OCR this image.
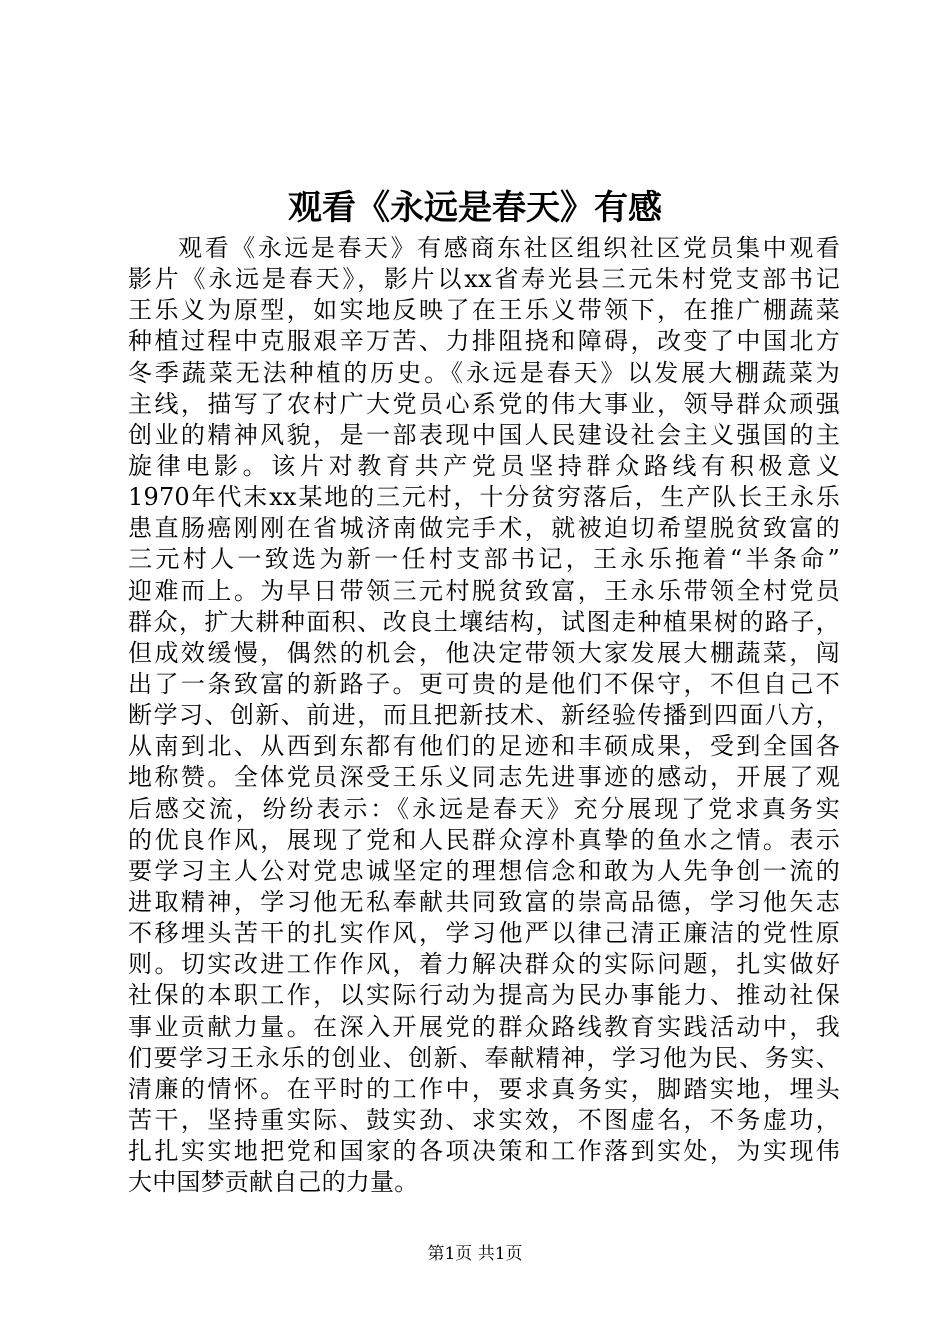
观看《永远是春天》有感
观看《永远是春天》有感商东社区组织社区党员集中观看
影片《永远是春天》，影片以xx省寿光县三元朱村党支部书记
王乐义为原型，如实地反映了在王乐义带领下，在推广棚蔬菜
种植过程中克服艰辛万苦、力排阻挠和障碍，改变了中国北方
冬季蔬菜无法种植的历史。《永远是春天》以发展大棚蔬菜为
主线，描写了农村广大党员心系党的伟大事业，领导群众顽强
创业的精神风貌，是一部表现中国人民建设社会主义强国的主
旋律电影。该片对教育共产党员坚持群众路线有积极意义
1970年代末xx某地的三元村，十分贫穷落后，生产队长王永乐
患直肠癌刚刚在省城济南做完手术，就被迫切希望脱贫致富的
三元村人一致选为新一任村支部书记，王永乐拖着“半条命”
迎难而上。为早日带领三元村脱贫致富，王永乐带领全村党员
群众，扩大耕种面积、改良土壤结构，试图走种植果树的路子，
但成效缓慢，偶然的机会，他决定带领大家发展大棚蔬菜，闯
出了一条致富的新路子。更可贵的是他们不保守，不但自己不
断学习、创新、前进，而且把新技术、新经验传播到四面八方，
从南到北、从西到东都有他们的足迹和丰硕成果，受到全国各
地称赞。全体党员深受王乐义同志先进事迹的感动，开展了观
后感交流，纷纷表示：《永远是春天》充分展现了党求真务实
的优良作风，展现了党和人民群众淳朴真挚的鱼水之情。表示
要学习主人公对党忠诚坚定的理想信念和敢为人先争创一流的
进取精神，学习他无私奉献共同致富的崇高品德，学习他矢志
不移埋头苦干的扎实作风，学习他严以律己清正廉洁的党性原
则。切实改进工作作风，着力解决群众的实际问题，扎实做好
社保的本职工作，以实际行动为提高为民办事能力、推动社保
事业贡献力量。在深入开展党的群众路线教育实践活动中，我
们要学习王永乐的创业、创新、奉献精神，学习他为民、务实、
清廉的情怀。在平时的工作中，要求真务实，脚踏实地，埋头
苦干，坚持重实际、鼓实劲、求实效，不图虚名，不务虚功，
扎扎实实地把党和国家的各项决策和工作落到实处，为实现伟
大中国梦贡献自己的力量。
第1页 共1页
